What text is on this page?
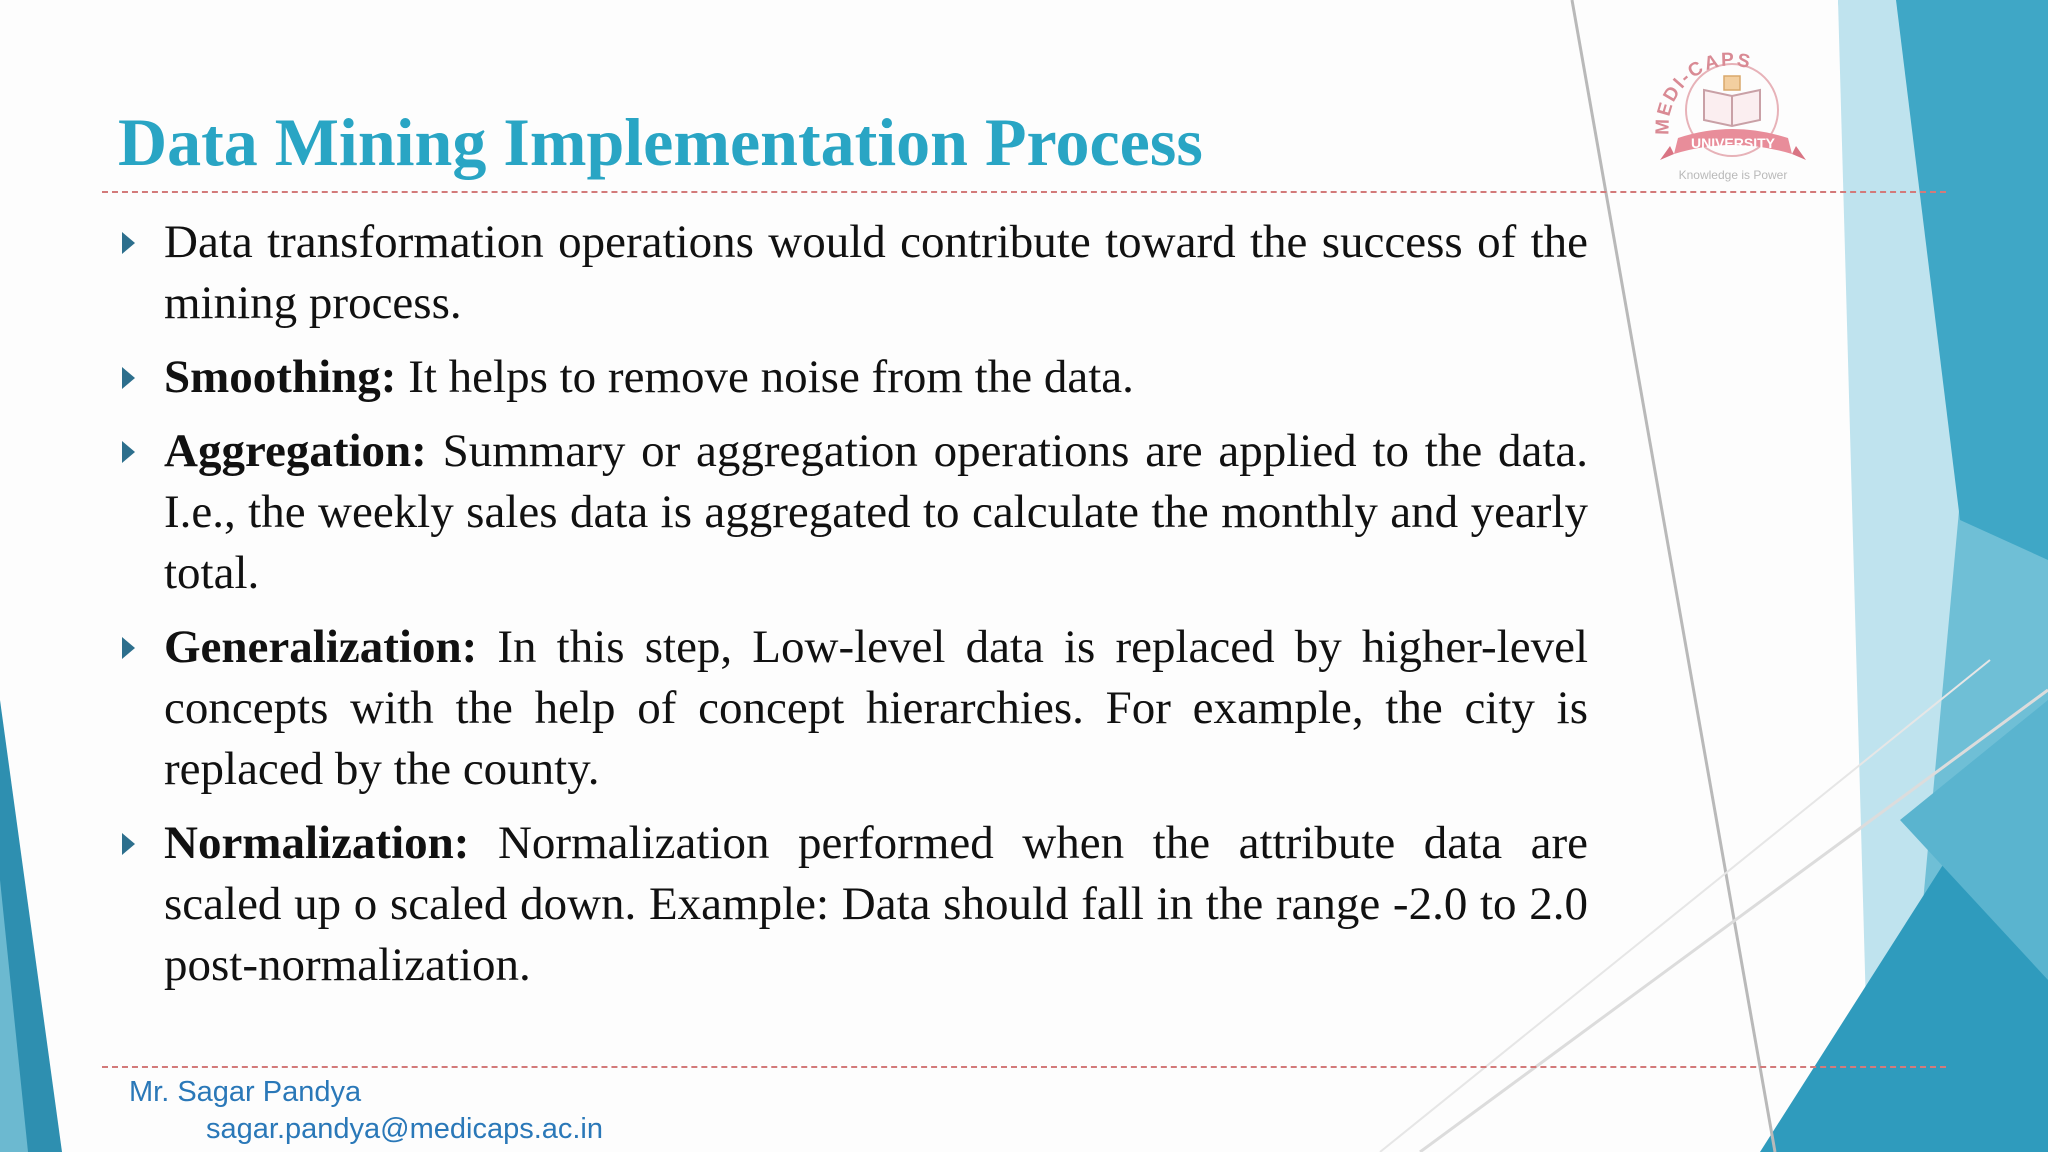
Data Mining Implementation Process
Data transformation operations would contribute toward the success of the mining process.
Smoothing: It helps to remove noise from the data.
Aggregation: Summary or aggregation operations are applied to the data. I.e., the weekly sales data is aggregated to calculate the monthly and yearly total.
Generalization: In this step, Low-level data is replaced by higher-level concepts with the help of concept hierarchies. For example, the city is replaced by the county.
Normalization: Normalization performed when the attribute data are scaled up o scaled down. Example: Data should fall in the range -2.0 to 2.0 post-normalization.
Mr. Sagar Pandya
sagar.pandya@medicaps.ac.in
MEDI-CAPS
UNIVERSITY
Knowledge is Power
